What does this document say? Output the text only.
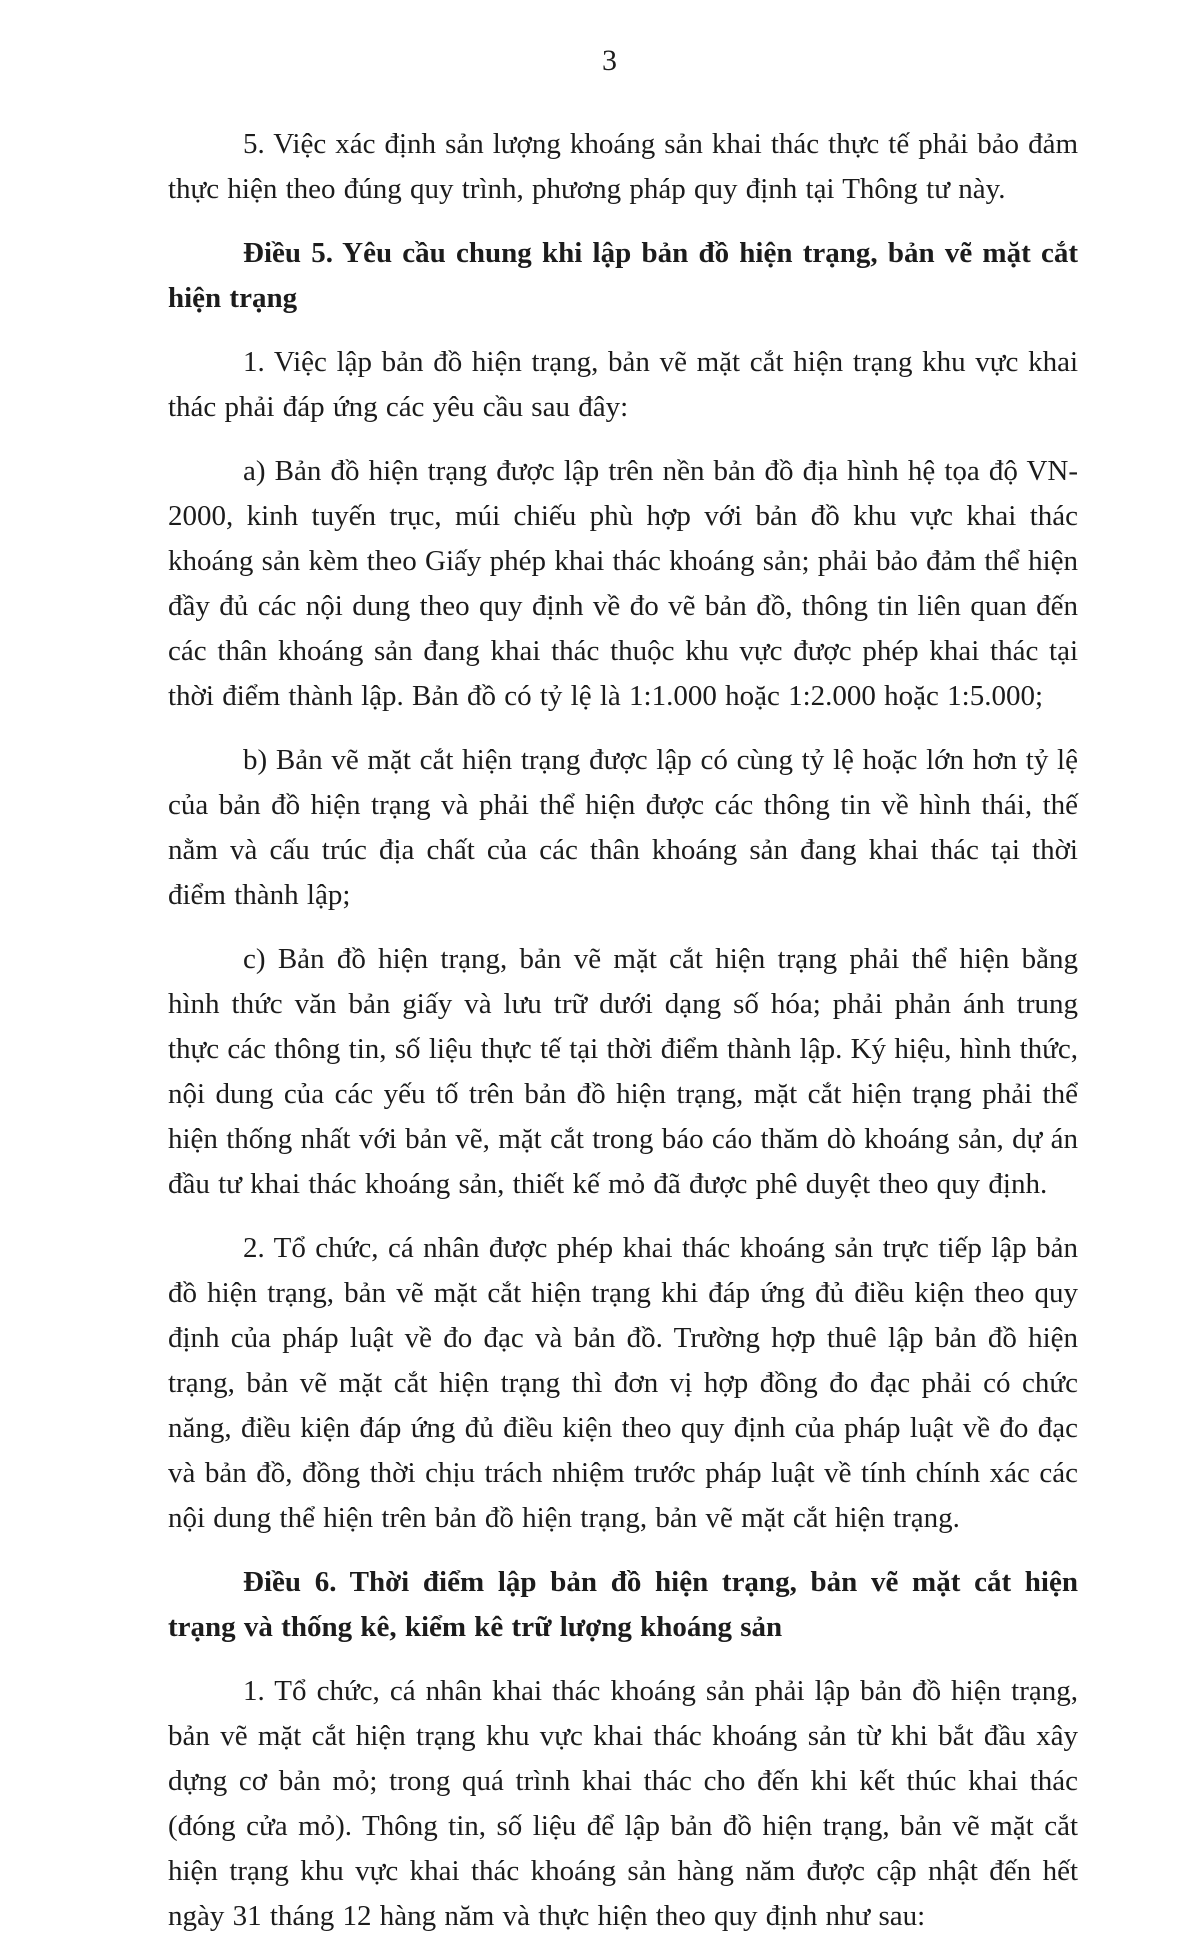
3

5. Việc xác định sản lượng khoáng sản khai thác thực tế phải bảo đảm thực hiện theo đúng quy trình, phương pháp quy định tại Thông tư này.

Điều 5. Yêu cầu chung khi lập bản đồ hiện trạng, bản vẽ mặt cắt hiện trạng

1. Việc lập bản đồ hiện trạng, bản vẽ mặt cắt hiện trạng khu vực khai thác phải đáp ứng các yêu cầu sau đây:

a) Bản đồ hiện trạng được lập trên nền bản đồ địa hình hệ tọa độ VN-2000, kinh tuyến trục, múi chiếu phù hợp với bản đồ khu vực khai thác khoáng sản kèm theo Giấy phép khai thác khoáng sản; phải bảo đảm thể hiện đầy đủ các nội dung theo quy định về đo vẽ bản đồ, thông tin liên quan đến các thân khoáng sản đang khai thác thuộc khu vực được phép khai thác tại thời điểm thành lập. Bản đồ có tỷ lệ là 1:1.000 hoặc 1:2.000 hoặc 1:5.000;

b) Bản vẽ mặt cắt hiện trạng được lập có cùng tỷ lệ hoặc lớn hơn tỷ lệ của bản đồ hiện trạng và phải thể hiện được các thông tin về hình thái, thế nằm và cấu trúc địa chất của các thân khoáng sản đang khai thác tại thời điểm thành lập;

c) Bản đồ hiện trạng, bản vẽ mặt cắt hiện trạng phải thể hiện bằng hình thức văn bản giấy và lưu trữ dưới dạng số hóa; phải phản ánh trung thực các thông tin, số liệu thực tế tại thời điểm thành lập. Ký hiệu, hình thức, nội dung của các yếu tố trên bản đồ hiện trạng, mặt cắt hiện trạng phải thể hiện thống nhất với bản vẽ, mặt cắt trong báo cáo thăm dò khoáng sản, dự án đầu tư khai thác khoáng sản, thiết kế mỏ đã được phê duyệt theo quy định.

2. Tổ chức, cá nhân được phép khai thác khoáng sản trực tiếp lập bản đồ hiện trạng, bản vẽ mặt cắt hiện trạng khi đáp ứng đủ điều kiện theo quy định của pháp luật về đo đạc và bản đồ. Trường hợp thuê lập bản đồ hiện trạng, bản vẽ mặt cắt hiện trạng thì đơn vị hợp đồng đo đạc phải có chức năng, điều kiện đáp ứng đủ điều kiện theo quy định của pháp luật về đo đạc và bản đồ, đồng thời chịu trách nhiệm trước pháp luật về tính chính xác các nội dung thể hiện trên bản đồ hiện trạng, bản vẽ mặt cắt hiện trạng.

Điều 6. Thời điểm lập bản đồ hiện trạng, bản vẽ mặt cắt hiện trạng và thống kê, kiểm kê trữ lượng khoáng sản

1. Tổ chức, cá nhân khai thác khoáng sản phải lập bản đồ hiện trạng, bản vẽ mặt cắt hiện trạng khu vực khai thác khoáng sản từ khi bắt đầu xây dựng cơ bản mỏ; trong quá trình khai thác cho đến khi kết thúc khai thác (đóng cửa mỏ). Thông tin, số liệu để lập bản đồ hiện trạng, bản vẽ mặt cắt hiện trạng khu vực khai thác khoáng sản hàng năm được cập nhật đến hết ngày 31 tháng 12 hàng năm và thực hiện theo quy định như sau:
